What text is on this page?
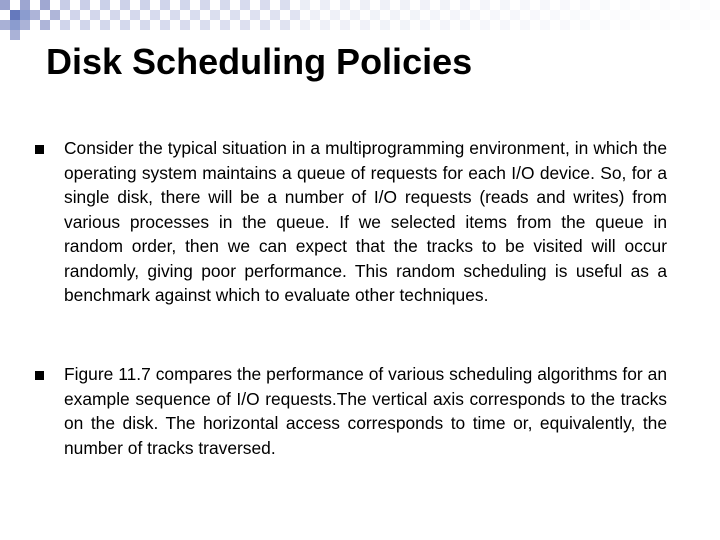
Disk Scheduling Policies

Consider the typical situation in a multiprogramming environment, in which the operating system maintains a queue of requests for each I/O device. So, for a single disk, there will be a number of I/O requests (reads and writes) from various processes in the queue. If we selected items from the queue in random order, then we can expect that the tracks to be visited will occur randomly, giving poor performance. This random scheduling is useful as a benchmark against which to evaluate other techniques.

Figure 11.7 compares the performance of various scheduling algorithms for an example sequence of I/O requests.The vertical axis corresponds to the tracks on the disk. The horizontal access corresponds to time or, equivalently, the number of tracks traversed.
